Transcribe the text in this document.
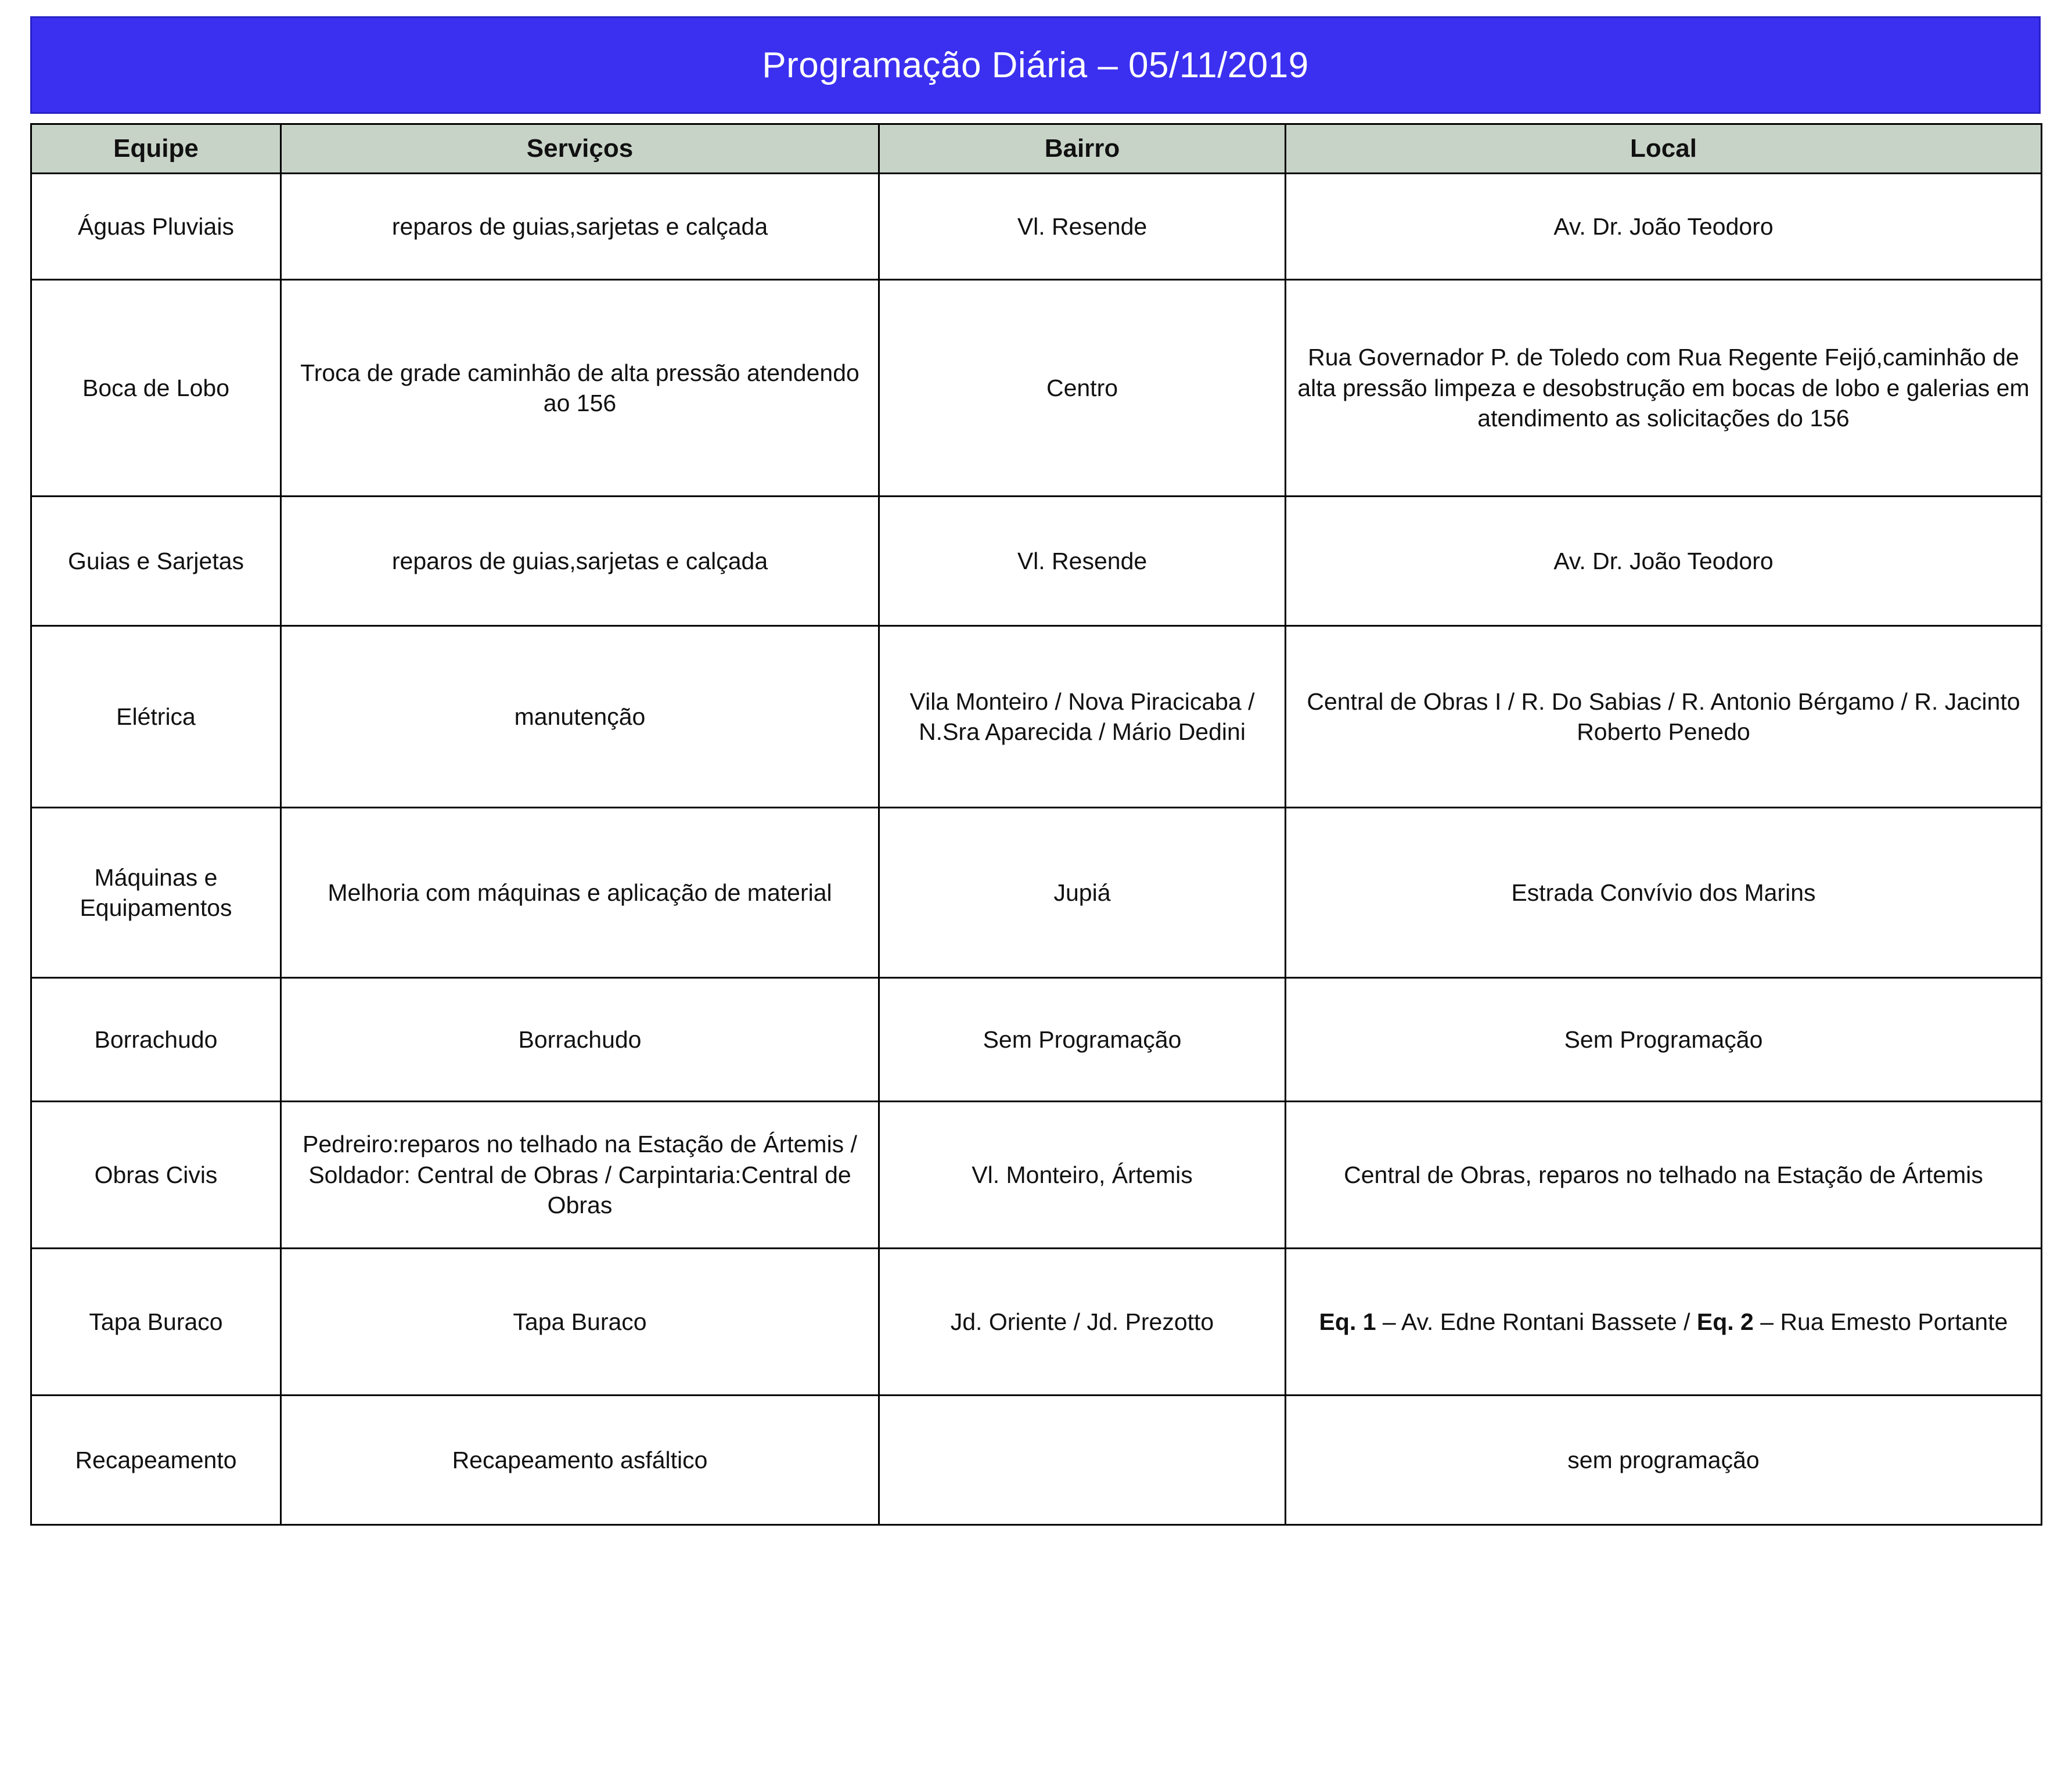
Programação Diária – 05/11/2019
Equipe	Serviços	Bairro	Local
Águas Pluviais	reparos de guias,sarjetas e calçada	Vl. Resende	Av. Dr. João Teodoro
Boca de Lobo	Troca de grade caminhão de alta pressão atendendo ao 156	Centro	Rua Governador P. de Toledo com Rua Regente Feijó,caminhão de alta pressão limpeza e desobstrução em bocas de lobo e galerias em atendimento as solicitações do 156
Guias e Sarjetas	reparos de guias,sarjetas e calçada	Vl. Resende	Av. Dr. João Teodoro
Elétrica	manutenção	Vila Monteiro / Nova Piracicaba / N.Sra Aparecida / Mário Dedini	Central de Obras I / R. Do Sabias / R. Antonio Bérgamo / R. Jacinto Roberto Penedo
Máquinas e Equipamentos	Melhoria com máquinas e aplicação de material	Jupiá	Estrada Convívio dos Marins
Borrachudo	Borrachudo	Sem Programação	Sem Programação
Obras Civis	Pedreiro:reparos no telhado na Estação de Ártemis / Soldador: Central de Obras / Carpintaria:Central de Obras	Vl. Monteiro, Ártemis	Central de Obras, reparos no telhado na Estação de Ártemis
Tapa Buraco	Tapa Buraco	Jd. Oriente / Jd. Prezotto	Eq. 1 – Av. Edne Rontani Bassete / Eq. 2 – Rua Emesto Portante
Recapeamento	Recapeamento asfáltico		sem programação
